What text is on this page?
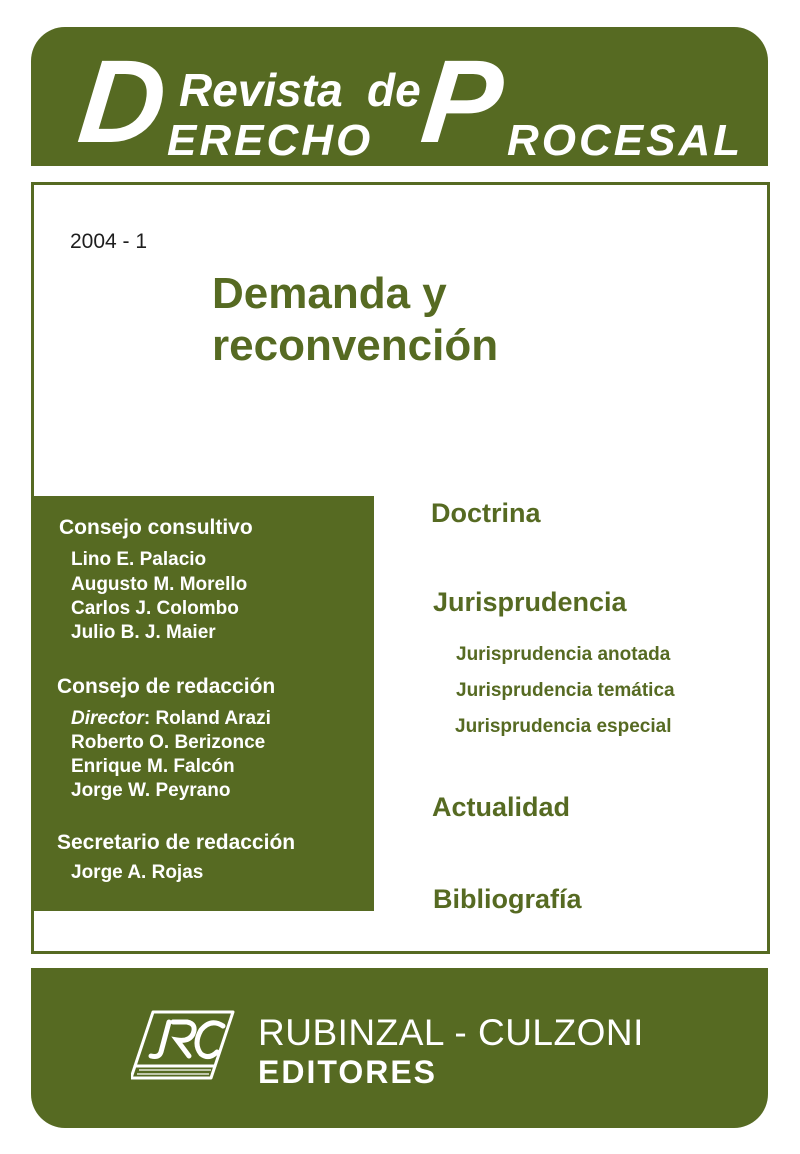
D Revista de
P
ERECHO	ROCESAL
2004 - 1
Demanda y
reconvención
Consejo consultivo
Lino E. Palacio
Augusto M. Morello
Carlos J. Colombo
Julio B. J. Maier
Consejo de redacción
Director: Roland Arazi
Roberto O. Berizonce
Enrique M. Falcón
Jorge W. Peyrano
Secretario de redacción
Jorge A. Rojas
Doctrina
Jurisprudencia
Jurisprudencia anotada
Jurisprudencia temática
Jurisprudencia especial
Actualidad
Bibliografía
RUBINZAL - CULZONI
EDITORES
